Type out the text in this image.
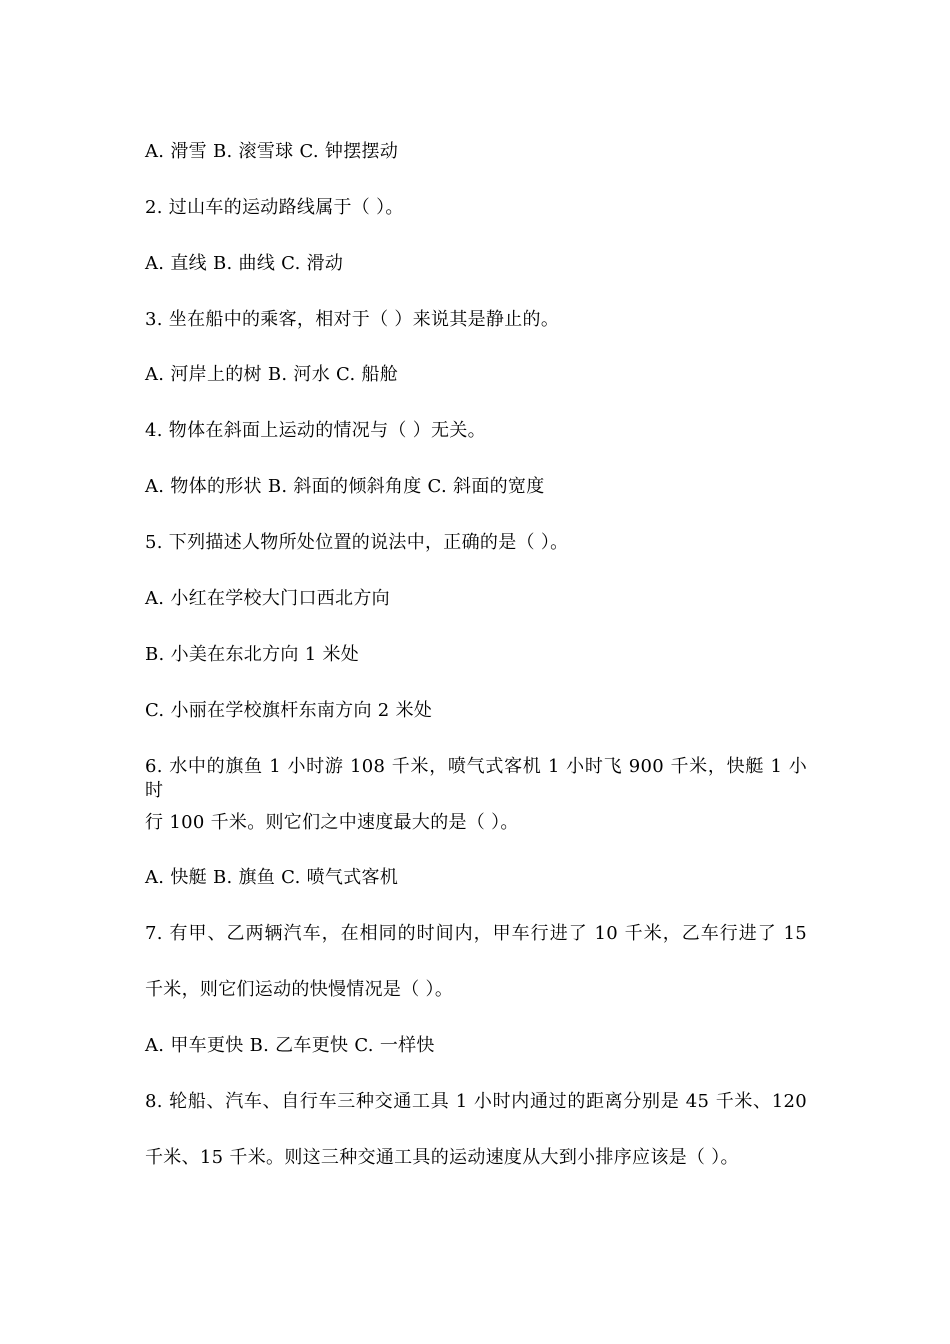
A. 滑雪 B. 滚雪球 C. 钟摆摆动
2. 过山车的运动路线属于（ ）。
A. 直线 B. 曲线 C. 滑动
3. 坐在船中的乘客，相对于（ ）来说其是静止的。
A. 河岸上的树 B. 河水 C. 船舱
4. 物体在斜面上运动的情况与（ ）无关。
A. 物体的形状 B. 斜面的倾斜角度 C. 斜面的宽度
5. 下列描述人物所处位置的说法中，正确的是（ ）。
A. 小红在学校大门口西北方向
B. 小美在东北方向 1 米处
C. 小丽在学校旗杆东南方向 2 米处
6. 水中的旗鱼 1 小时游 108 千米，喷气式客机 1 小时飞 900 千米，快艇 1 小时
行 100 千米。则它们之中速度最大的是（ ）。
A. 快艇 B. 旗鱼 C. 喷气式客机
7. 有甲、乙两辆汽车，在相同的时间内，甲车行进了 10 千米，乙车行进了 15
千米，则它们运动的快慢情况是（ ）。
A. 甲车更快 B. 乙车更快 C. 一样快
8. 轮船、汽车、自行车三种交通工具 1 小时内通过的距离分别是 45 千米、120
千米、15 千米。则这三种交通工具的运动速度从大到小排序应该是（ ）。
